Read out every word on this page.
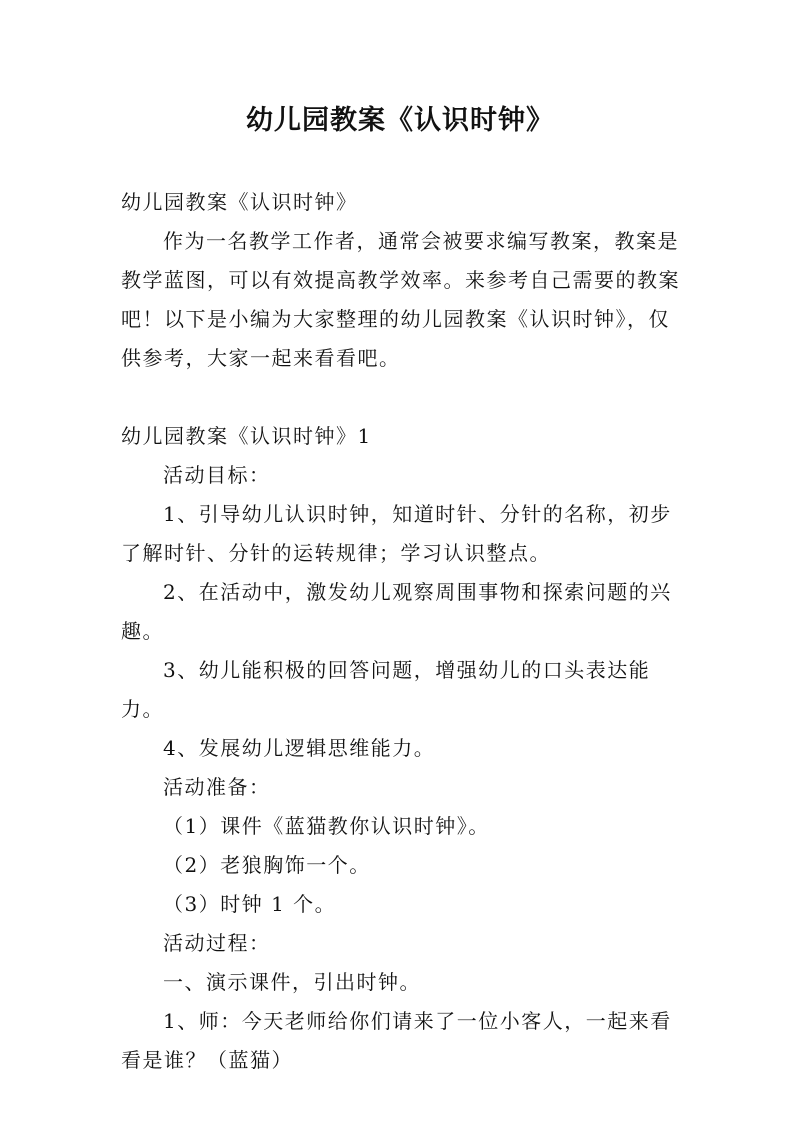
幼儿园教案《认识时钟》

幼儿园教案《认识时钟》

作为一名教学工作者，通常会被要求编写教案，教案是教学蓝图，可以有效提高教学效率。来参考自己需要的教案吧！以下是小编为大家整理的幼儿园教案《认识时钟》，仅供参考，大家一起来看看吧。

幼儿园教案《认识时钟》1

活动目标：

1、引导幼儿认识时钟，知道时针、分针的名称，初步了解时针、分针的运转规律；学习认识整点。

2、在活动中，激发幼儿观察周围事物和探索问题的兴趣。

3、幼儿能积极的回答问题，增强幼儿的口头表达能力。

4、发展幼儿逻辑思维能力。

活动准备：

（1）课件《蓝猫教你认识时钟》。

（2）老狼胸饰一个。

（3）时钟 1 个。

活动过程：

一、演示课件，引出时钟。

1、师：今天老师给你们请来了一位小客人，一起来看看是谁？（蓝猫）
